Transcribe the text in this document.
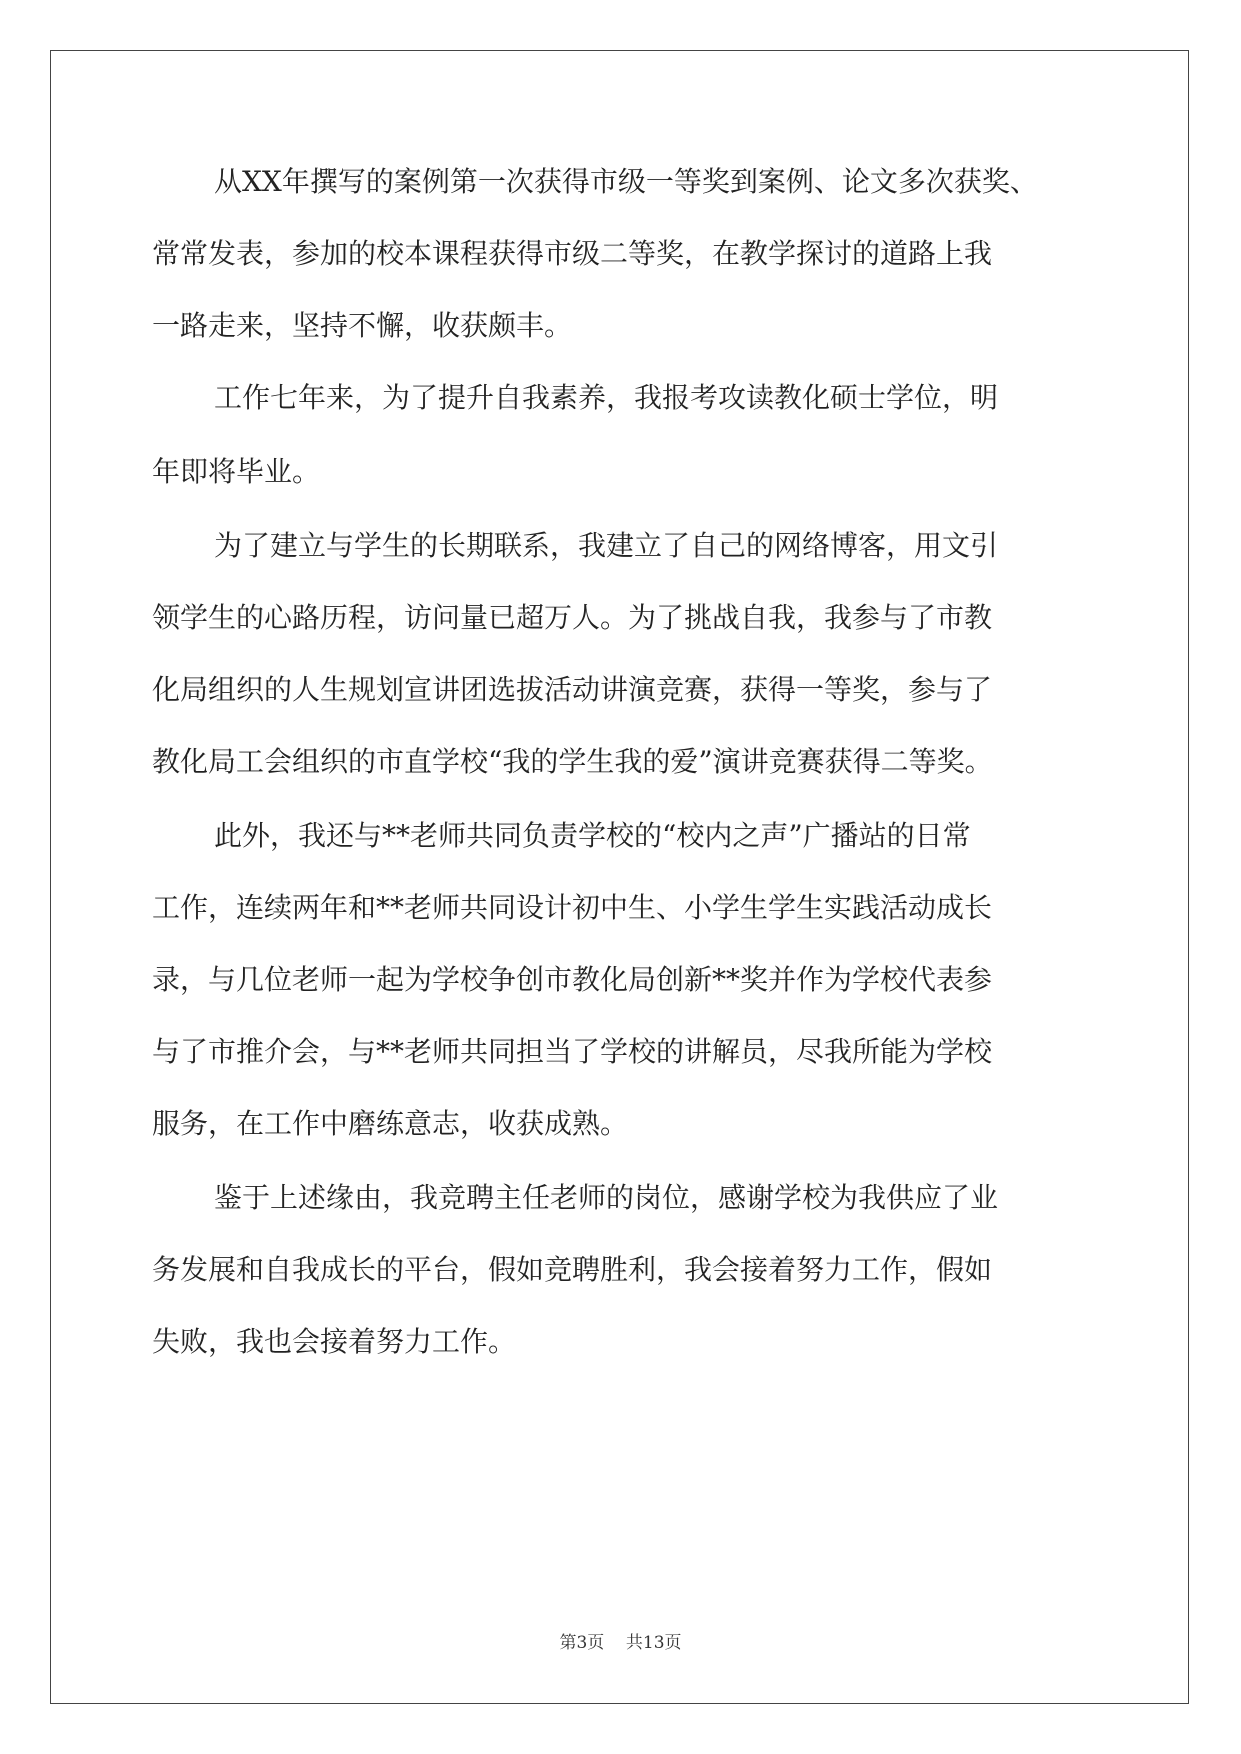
从XX年撰写的案例第一次获得市级一等奖到案例、论文多次获奖、
常常发表，参加的校本课程获得市级二等奖，在教学探讨的道路上我
一路走来，坚持不懈，收获颇丰。
工作七年来，为了提升自我素养，我报考攻读教化硕士学位，明
年即将毕业。
为了建立与学生的长期联系，我建立了自己的网络博客，用文引
领学生的心路历程，访问量已超万人。为了挑战自我，我参与了市教
化局组织的人生规划宣讲团选拔活动讲演竞赛，获得一等奖，参与了
教化局工会组织的市直学校“我的学生我的爱”演讲竞赛获得二等奖。
此外，我还与**老师共同负责学校的“校内之声”广播站的日常
工作，连续两年和**老师共同设计初中生、小学生学生实践活动成长
录，与几位老师一起为学校争创市教化局创新**奖并作为学校代表参
与了市推介会，与**老师共同担当了学校的讲解员，尽我所能为学校
服务，在工作中磨练意志，收获成熟。
鉴于上述缘由，我竞聘主任老师的岗位，感谢学校为我供应了业
务发展和自我成长的平台，假如竞聘胜利，我会接着努力工作，假如
失败，我也会接着努力工作。
第3页    共13页
